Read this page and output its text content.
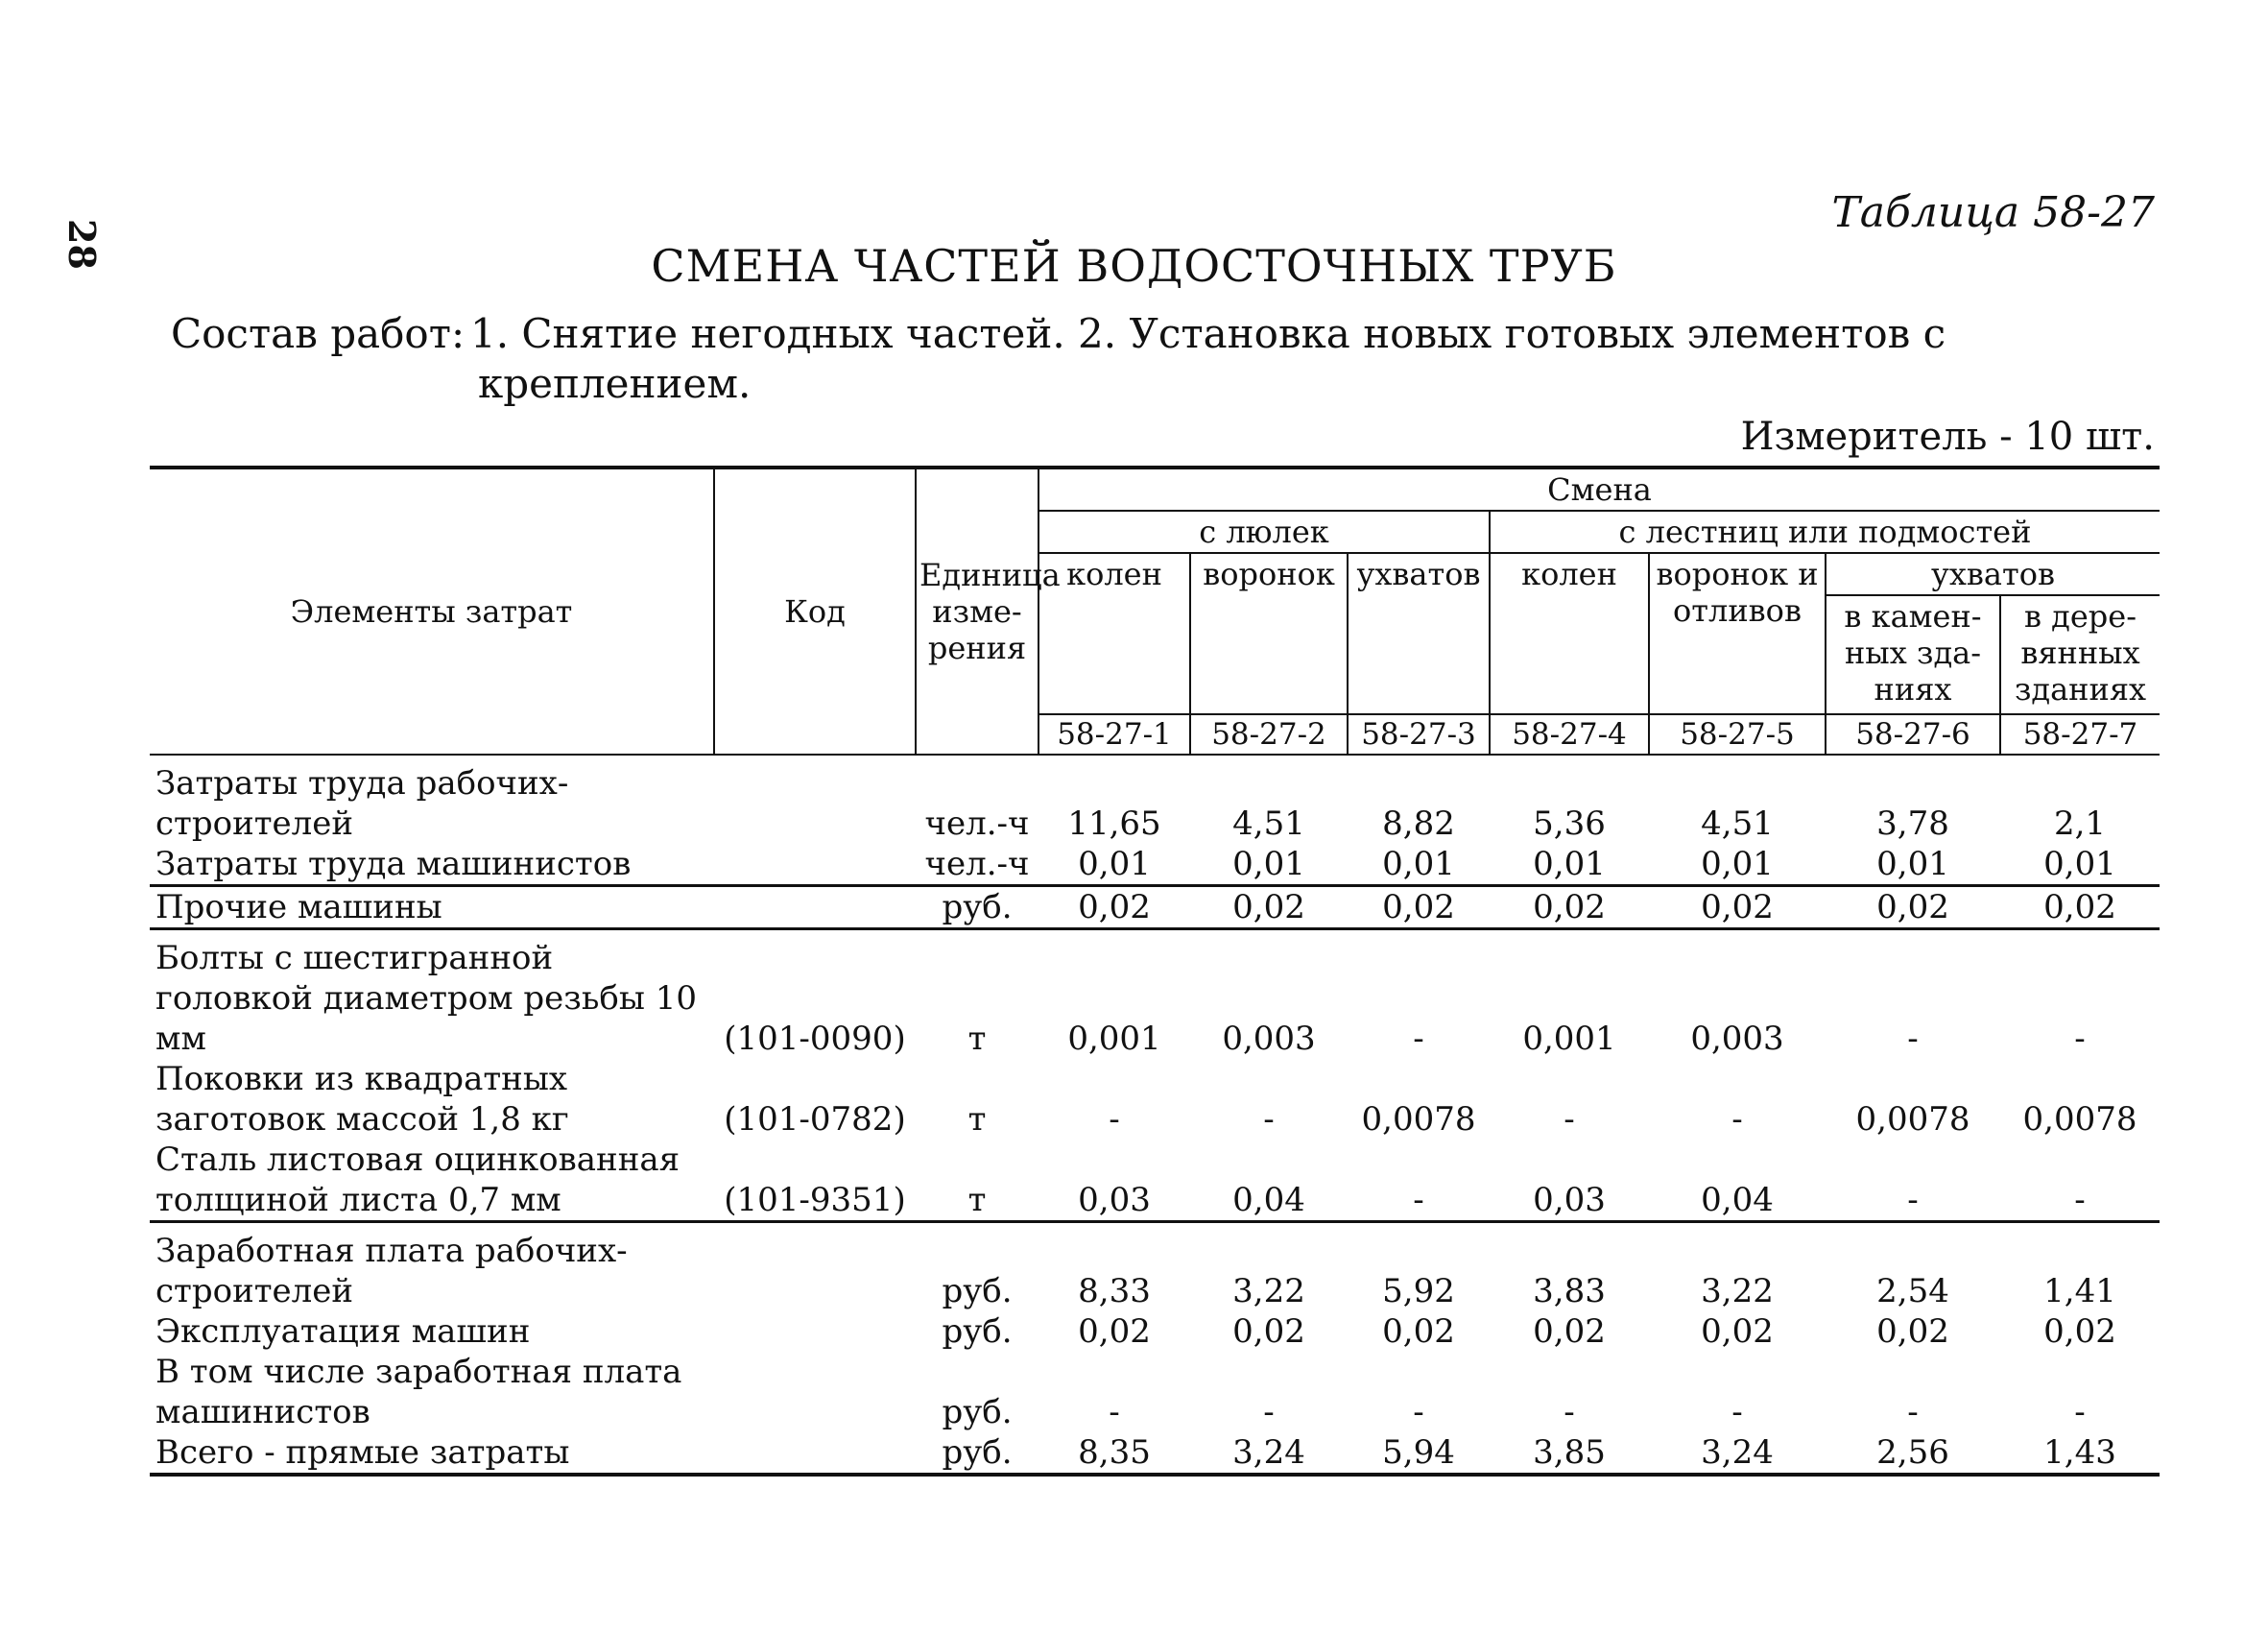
28
Таблица 58-27
СМЕНА ЧАСТЕЙ ВОДОСТОЧНЫХ ТРУБ
Состав работ: 1. Снятие негодных частей. 2. Установка новых готовых элементов с
креплением.
Измеритель - 10 шт.
Элементы затрат	Код	Единица изме-рения	Смена						
			с люлек			с лестниц или подмостей			
			колен	воронок	ухватов	колен	воронок и отливов	ухватов	
								в камен-ных зда-ниях	в дере-вянных зданиях
			58-27-1	58-27-2	58-27-3	58-27-4	58-27-5	58-27-6	58-27-7
Затраты труда рабочих-строителей		чел.-ч	11,65	4,51	8,82	5,36	4,51	3,78	2,1
Затраты труда машинистов		чел.-ч	0,01	0,01	0,01	0,01	0,01	0,01	0,01
Прочие машины		руб.	0,02	0,02	0,02	0,02	0,02	0,02	0,02
Болты с шестигранной головкой диаметром резьбы 10 мм	(101-0090)	т	0,001	0,003	-	0,001	0,003	-	-
Поковки из квадратных заготовок массой 1,8 кг	(101-0782)	т	-	-	0,0078	-	-	0,0078	0,0078
Сталь листовая оцинкованная толщиной листа 0,7 мм	(101-9351)	т	0,03	0,04	-	0,03	0,04	-	-
Заработная плата рабочих-строителей		руб.	8,33	3,22	5,92	3,83	3,22	2,54	1,41
Эксплуатация машин		руб.	0,02	0,02	0,02	0,02	0,02	0,02	0,02
В том числе заработная плата машинистов		руб.	-	-	-	-	-	-	-
Всего - прямые затраты		руб.	8,35	3,24	5,94	3,85	3,24	2,56	1,43
